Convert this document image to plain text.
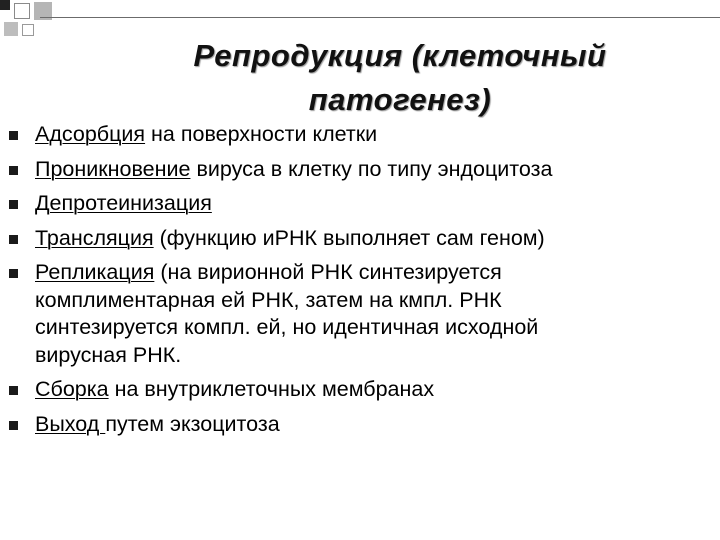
Репродукция (клеточный
патогенез)
Адсорбция на поверхности клетки
Проникновение вируса в клетку по типу эндоцитоза
Депротеинизация
Трансляция (функцию иРНК выполняет сам геном)
Репликация (на вирионной РНК синтезируется
комплиментарная ей РНК, затем на кмпл. РНК
синтезируется компл. ей, но идентичная исходной
вирусная РНК.
Сборка на внутриклеточных мембранах
Выход путем экзоцитоза
